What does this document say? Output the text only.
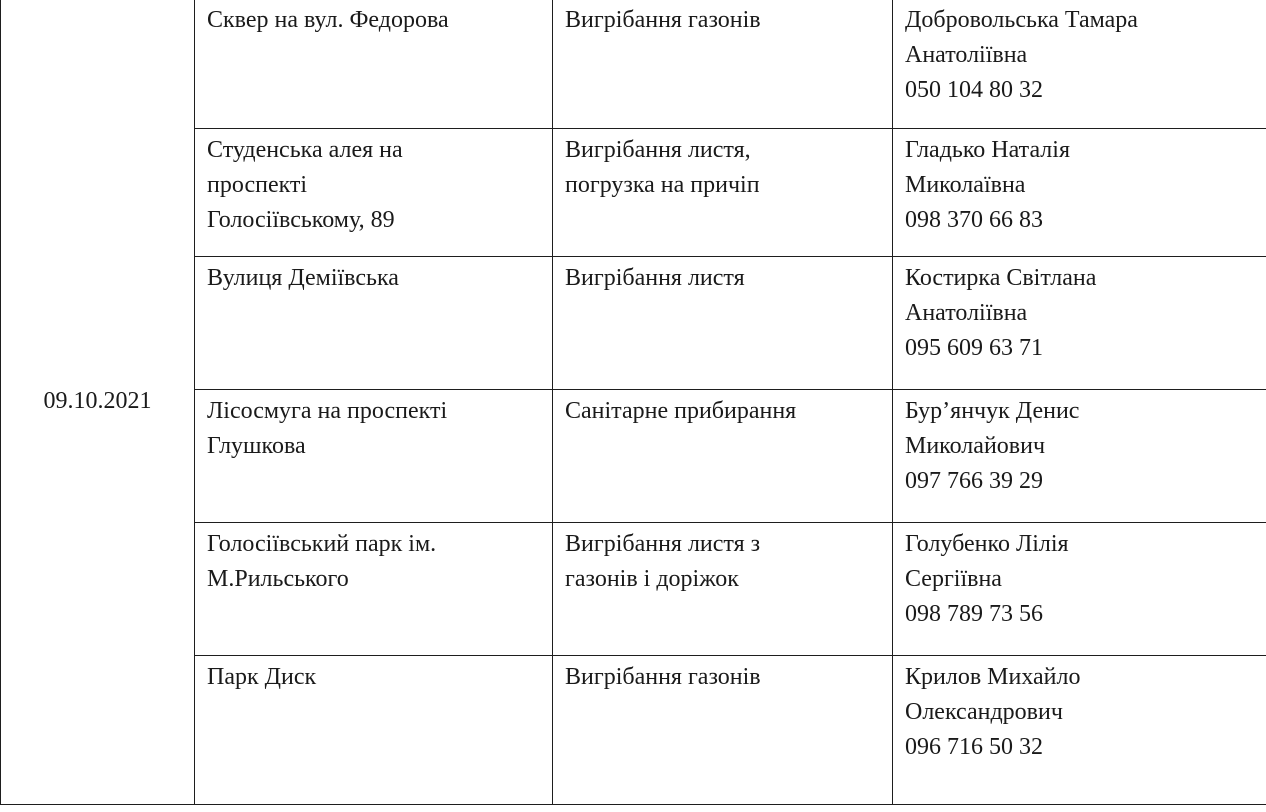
09.10.2021	Сквер на вул. Федорова	Вигрібання газонів	Добровольська Тамара
Анатоліївна
050 104 80 32

	Студенська алея на
проспекті
Голосіївському, 89	Вигрібання листя,
погрузка на причіп	Гладько Наталія
Миколаївна
098 370 66 83

	Вулиця Деміївська	Вигрібання листя	Костирка Світлана
Анатоліївна
095 609 63 71

	Лісосмуга на проспекті
Глушкова	Санітарне прибирання	Бур’янчук Денис
Миколайович
097 766 39 29

	Голосіївський парк ім.
М.Рильського	Вигрібання листя з
газонів і доріжок	Голубенко Лілія
Сергіївна
098 789 73 56

	Парк Диск	Вигрібання газонів	Крилов Михайло
Олександрович
096 716 50 32
